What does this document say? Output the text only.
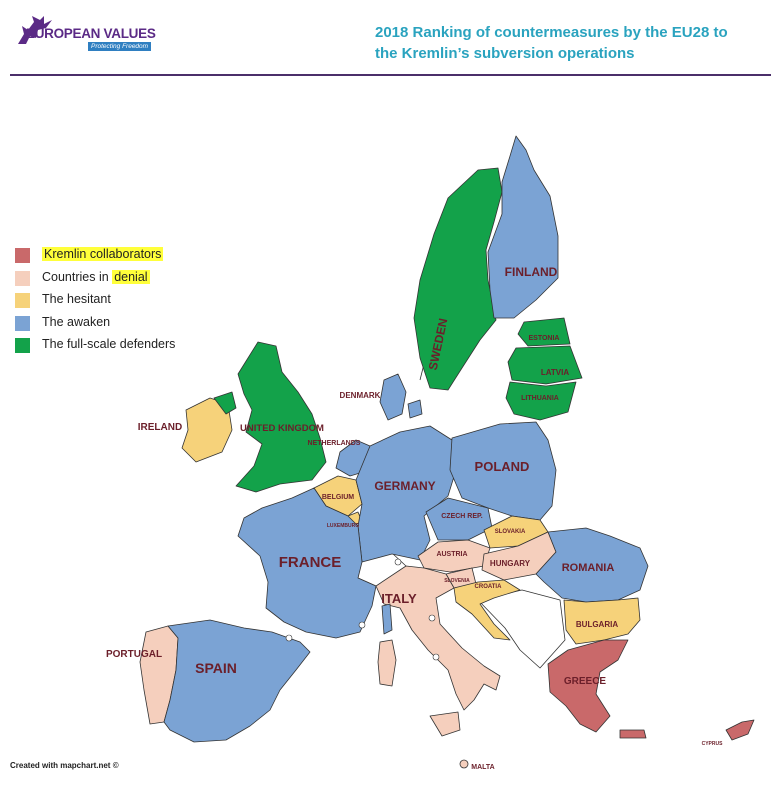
EUROPEAN VALUES
Protecting Freedom
2018 Ranking of countermeasures by the EU28 to
the Kremlin’s subversion operations
Kremlin collaborators
Countries in denial
The hesitant
The awaken
The full-scale defenders	SWEDEN
FINLAND
ESTONIA
LATVIA
LITHUANIA
DENMARK
IRELAND	UNITED KINGDOM
NETHERLANDS
POLAND
GERMANY
BELGIUM
LUXEMBURG
CZECH REP.
SLOVAKIA
AUSTRIA
HUNGARY
FRANCE	ROMANIA
SLOVENIA
CROATIA
ITALY
BULGARIA
PORTUGAL
SPAIN
GREECE
CYPRUS
MALTA
Created with mapchart.net ©
